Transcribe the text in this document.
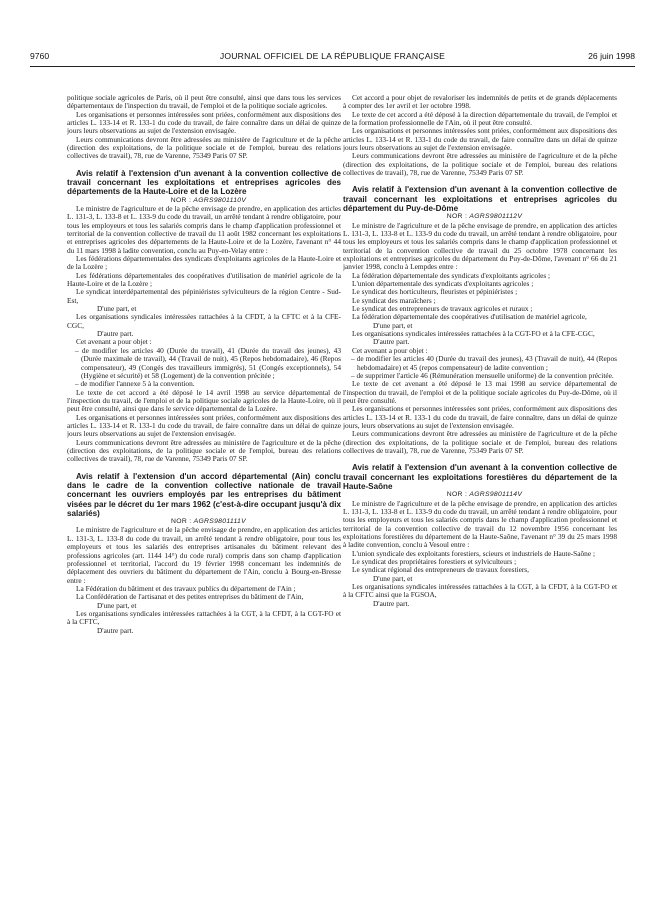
9760	JOURNAL OFFICIEL DE LA RÉPUBLIQUE FRANÇAISE	26 juin 1998

politique sociale agricoles de Paris, où il peut être consulté, ainsi que dans tous les services départementaux de l'inspection du travail, de l'emploi et de la politique sociale agricoles.

Les organisations et personnes intéressées sont priées, conformément aux dispositions des articles L. 133-14 et R. 133-1 du code du travail, de faire connaître dans un délai de quinze jours leurs observations au sujet de l'extension envisagée.

Leurs communications devront être adressées au ministère de l'agriculture et de la pêche (direction des exploitations, de la politique sociale et de l'emploi, bureau des relations collectives de travail), 78, rue de Varenne, 75349 Paris 07 SP.

Avis relatif à l'extension d'un avenant à la convention collective de travail concernant les exploitations et entreprises agricoles des départements de la Haute-Loire et de la Lozère

NOR : AGRS9801110V

Le ministre de l'agriculture et de la pêche envisage de prendre, en application des articles L. 131-3, L. 133-8 et L. 133-9 du code du travail, un arrêté tendant à rendre obligatoire, pour tous les employeurs et tous les salariés compris dans le champ d'application professionnel et territorial de la convention collective de travail du 11 août 1982 concernant les exploitations et entreprises agricoles des départements de la Haute-Loire et de la Lozère, l'avenant n° 44 du 11 mars 1998 à ladite convention, conclu au Puy-en-Velay entre :

Les fédérations départementales des syndicats d'exploitants agricoles de la Haute-Loire et de la Lozère ;

Les fédérations départementales des coopératives d'utilisation de matériel agricole de la Haute-Loire et de la Lozère ;

Le syndicat interdépartemental des pépiniéristes sylviculteurs de la région Centre - Sud-Est,

D'une part, et

Les organisations syndicales intéressées rattachées à la CFDT, à la CFTC et à la CFE-CGC,

D'autre part.

Cet avenant a pour objet :

– de modifier les articles 40 (Durée du travail), 41 (Durée du travail des jeunes), 43 (Durée maximale de travail), 44 (Travail de nuit), 45 (Repos hebdomadaire), 46 (Repos compensateur), 49 (Congés des travailleurs immigrés), 51 (Congés exceptionnels), 54 (Hygiène et sécurité) et 58 (Logement) de la convention précitée ;

– de modifier l'annexe 5 à la convention.

Le texte de cet accord a été déposé le 14 avril 1998 au service départemental de l'inspection du travail, de l'emploi et de la politique sociale agricoles de la Haute-Loire, où il peut être consulté, ainsi que dans le service départemental de la Lozère.

Les organisations et personnes intéressées sont priées, conformément aux dispositions des articles L. 133-14 et R. 133-1 du code du travail, de faire connaître dans un délai de quinze jours leurs observations au sujet de l'extension envisagée.

Leurs communications devront être adressées au ministère de l'agriculture et de la pêche (direction des exploitations, de la politique sociale et de l'emploi, bureau des relations collectives de travail), 78, rue de Varenne, 75349 Paris 07 SP.

Avis relatif à l'extension d'un accord départemental (Ain) conclu dans le cadre de la convention collective nationale de travail concernant les ouvriers employés par les entreprises du bâtiment visées par le décret du 1er mars 1962 (c'est-à-dire occupant jusqu'à dix salariés)

NOR : AGRS9801111V

Le ministre de l'agriculture et de la pêche envisage de prendre, en application des articles L. 131-3, L. 133-8 du code du travail, un arrêté tendant à rendre obligatoire, pour tous les employeurs et tous les salariés des entreprises artisanales du bâtiment relevant des professions agricoles (art. 1144 14°) du code rural) compris dans son champ d'application professionnel et territorial, l'accord du 19 février 1998 concernant les indemnités de déplacement des ouvriers du bâtiment du département de l'Ain, conclu à Bourg-en-Bresse entre :

La Fédération du bâtiment et des travaux publics du département de l'Ain ;

La Confédération de l'artisanat et des petites entreprises du bâtiment de l'Ain,

D'une part, et

Les organisations syndicales intéressées rattachées à la CGT, à la CFDT, à la CGT-FO et à la CFTC,

D'autre part.

Cet accord a pour objet de revaloriser les indemnités de petits et de grands déplacements à compter des 1er avril et 1er octobre 1998.

Le texte de cet accord a été déposé à la direction départementale du travail, de l'emploi et de la formation professionnelle de l'Ain, où il peut être consulté.

Les organisations et personnes intéressées sont priées, conformément aux dispositions des articles L. 133-14 et R. 133-1 du code du travail, de faire connaître dans un délai de quinze jours leurs observations au sujet de l'extension envisagée.

Leurs communications devront être adressées au ministère de l'agriculture et de la pêche (direction des exploitations, de la politique sociale et de l'emploi, bureau des relations collectives de travail), 78, rue de Varenne, 75349 Paris 07 SP.

Avis relatif à l'extension d'un avenant à la convention collective de travail concernant les exploitations et entreprises agricoles du département du Puy-de-Dôme

NOR : AGRS9801112V

Le ministre de l'agriculture et de la pêche envisage de prendre, en application des articles L. 131-3, L. 133-8 et L. 133-9 du code du travail, un arrêté tendant à rendre obligatoire, pour tous les employeurs et tous les salariés compris dans le champ d'application professionnel et territorial de la convention collective de travail du 25 octobre 1978 concernant les exploitations et entreprises agricoles du département du Puy-de-Dôme, l'avenant n° 66 du 21 janvier 1998, conclu à Lempdes entre :

La fédération départementale des syndicats d'exploitants agricoles ;

L'union départementale des syndicats d'exploitants agricoles ;

Le syndicat des horticulteurs, fleuristes et pépiniéristes ;

Le syndicat des maraîchers ;

Le syndicat des entrepreneurs de travaux agricoles et ruraux ;

La fédération départementale des coopératives d'utilisation de matériel agricole,

D'une part, et

Les organisations syndicales intéressées rattachées à la CGT-FO et à la CFE-CGC,

D'autre part.

Cet avenant a pour objet :

– de modifier les articles 40 (Durée du travail des jeunes), 43 (Travail de nuit), 44 (Repos hebdomadaire) et 45 (repos compensateur) de ladite convention ;

– de supprimer l'article 46 (Rémunération mensuelle uniforme) de la convention précitée.

Le texte de cet avenant a été déposé le 13 mai 1998 au service départemental de l'inspection du travail, de l'emploi et de la politique sociale agricoles du Puy-de-Dôme, où il peut être consulté.

Les organisations et personnes intéressées sont priées, conformément aux dispositions des articles L. 133-14 et R. 133-1 du code du travail, de faire connaître, dans un délai de quinze jours, leurs observations au sujet de l'extension envisagée.

Leurs communications devront être adressées au ministère de l'agriculture et de la pêche (direction des exploitations, de la politique sociale et de l'emploi, bureau des relations collectives de travail), 78, rue de Varenne, 75349 Paris 07 SP.

Avis relatif à l'extension d'un avenant à la convention collective de travail concernant les exploitations forestières du département de la Haute-Saône

NOR : AGRS9801114V

Le ministre de l'agriculture et de la pêche envisage de prendre, en application des articles L. 131-3, L. 133-8 et L. 133-9 du code du travail, un arrêté tendant à rendre obligatoire, pour tous les employeurs et tous les salariés compris dans le champ d'application professionnel et territorial de la convention collective de travail du 12 novembre 1956 concernant les exploitations forestières du département de la Haute-Saône, l'avenant n° 39 du 25 mars 1998 à ladite convention, conclu à Vesoul entre :

L'union syndicale des exploitants forestiers, scieurs et industriels de Haute-Saône ;

Le syndicat des propriétaires forestiers et sylviculteurs ;

Le syndicat régional des entrepreneurs de travaux forestiers,

D'une part, et

Les organisations syndicales intéressées rattachées à la CGT, à la CFDT, à la CGT-FO et à la CFTC ainsi que la FGSOA,

D'autre part.
